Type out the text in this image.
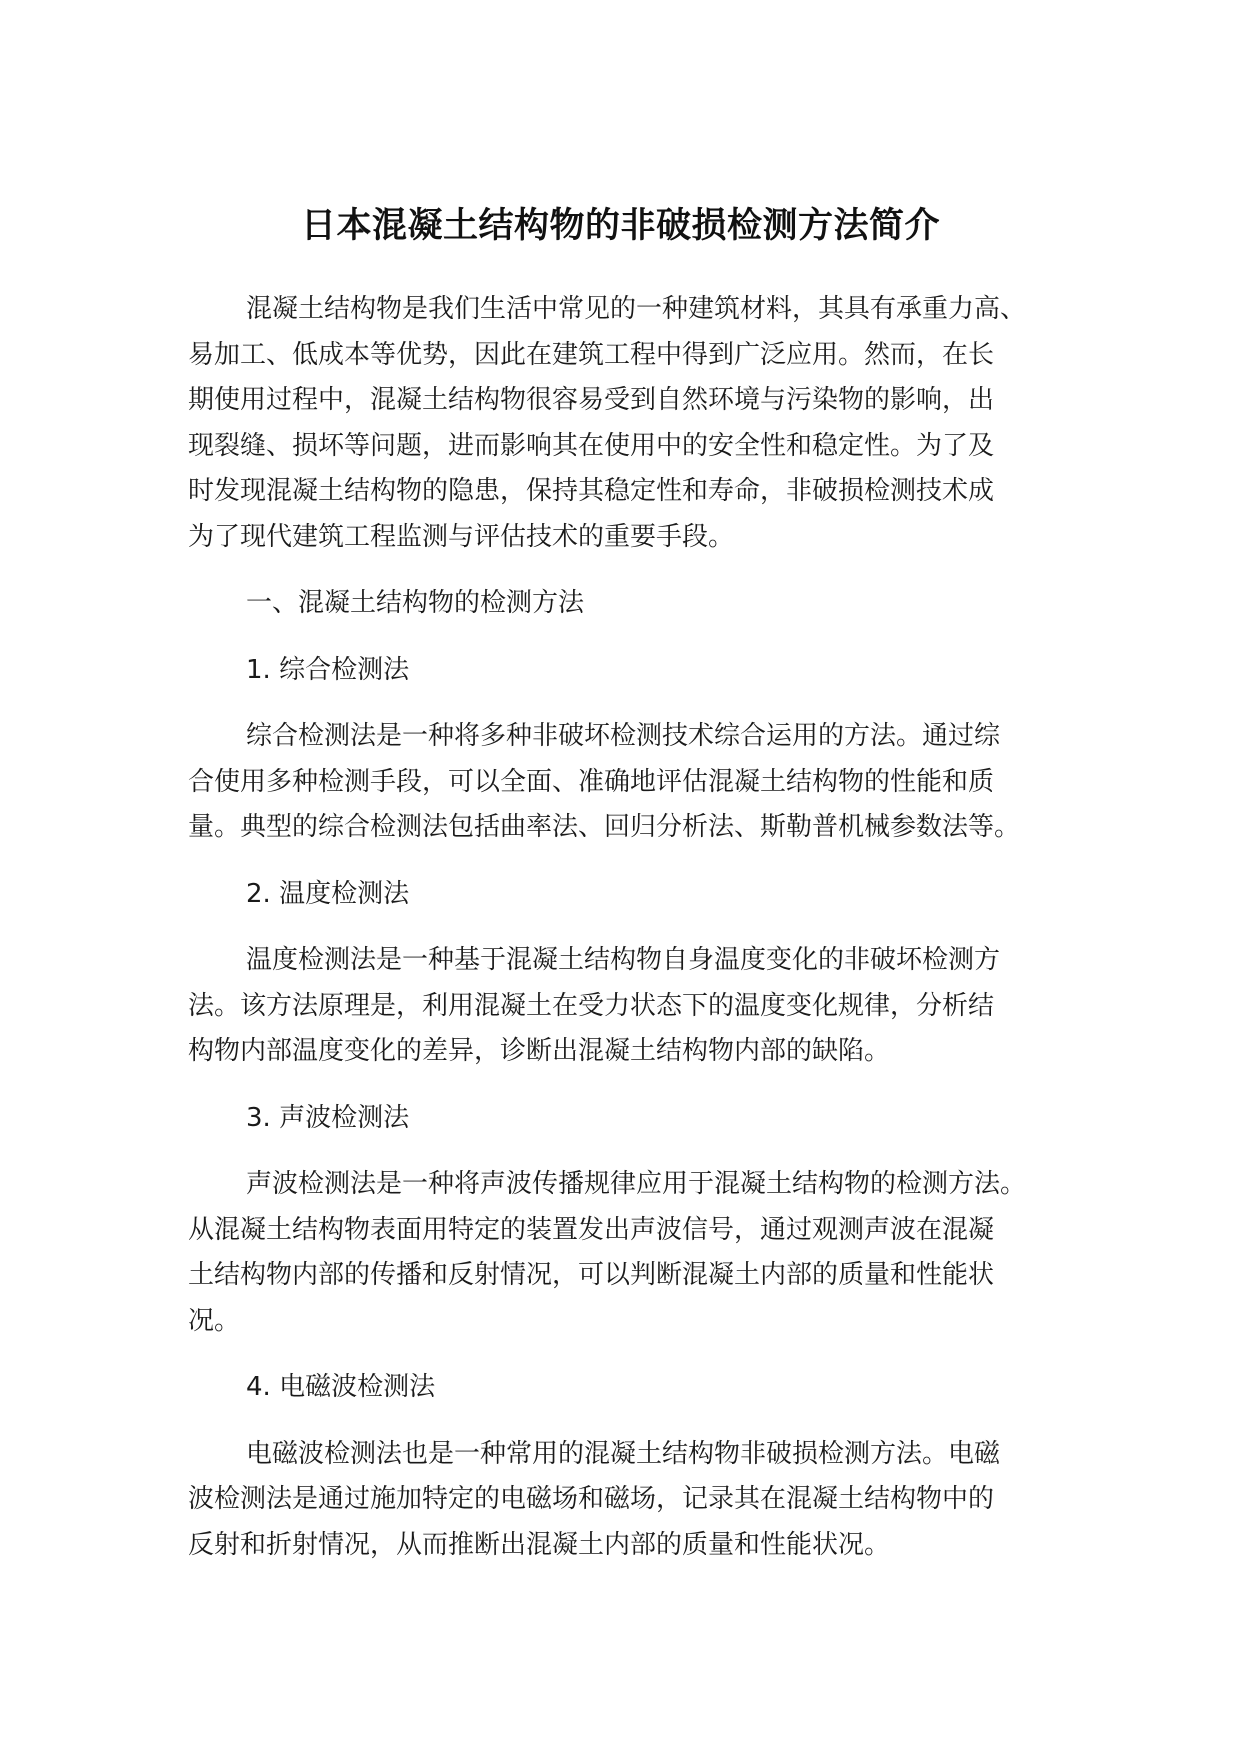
日本混凝土结构物的非破损检测方法简介

混凝土结构物是我们生活中常见的一种建筑材料，其具有承重力高、
易加工、低成本等优势，因此在建筑工程中得到广泛应用。然而，在长
期使用过程中，混凝土结构物很容易受到自然环境与污染物的影响，出
现裂缝、损坏等问题，进而影响其在使用中的安全性和稳定性。为了及
时发现混凝土结构物的隐患，保持其稳定性和寿命，非破损检测技术成
为了现代建筑工程监测与评估技术的重要手段。

一、混凝土结构物的检测方法

1. 综合检测法

综合检测法是一种将多种非破坏检测技术综合运用的方法。通过综
合使用多种检测手段，可以全面、准确地评估混凝土结构物的性能和质
量。典型的综合检测法包括曲率法、回归分析法、斯勒普机械参数法等。

2. 温度检测法

温度检测法是一种基于混凝土结构物自身温度变化的非破坏检测方
法。该方法原理是，利用混凝土在受力状态下的温度变化规律，分析结
构物内部温度变化的差异，诊断出混凝土结构物内部的缺陷。

3. 声波检测法

声波检测法是一种将声波传播规律应用于混凝土结构物的检测方法。
从混凝土结构物表面用特定的装置发出声波信号，通过观测声波在混凝
土结构物内部的传播和反射情况，可以判断混凝土内部的质量和性能状
况。

4. 电磁波检测法

电磁波检测法也是一种常用的混凝土结构物非破损检测方法。电磁
波检测法是通过施加特定的电磁场和磁场，记录其在混凝土结构物中的
反射和折射情况，从而推断出混凝土内部的质量和性能状况。
